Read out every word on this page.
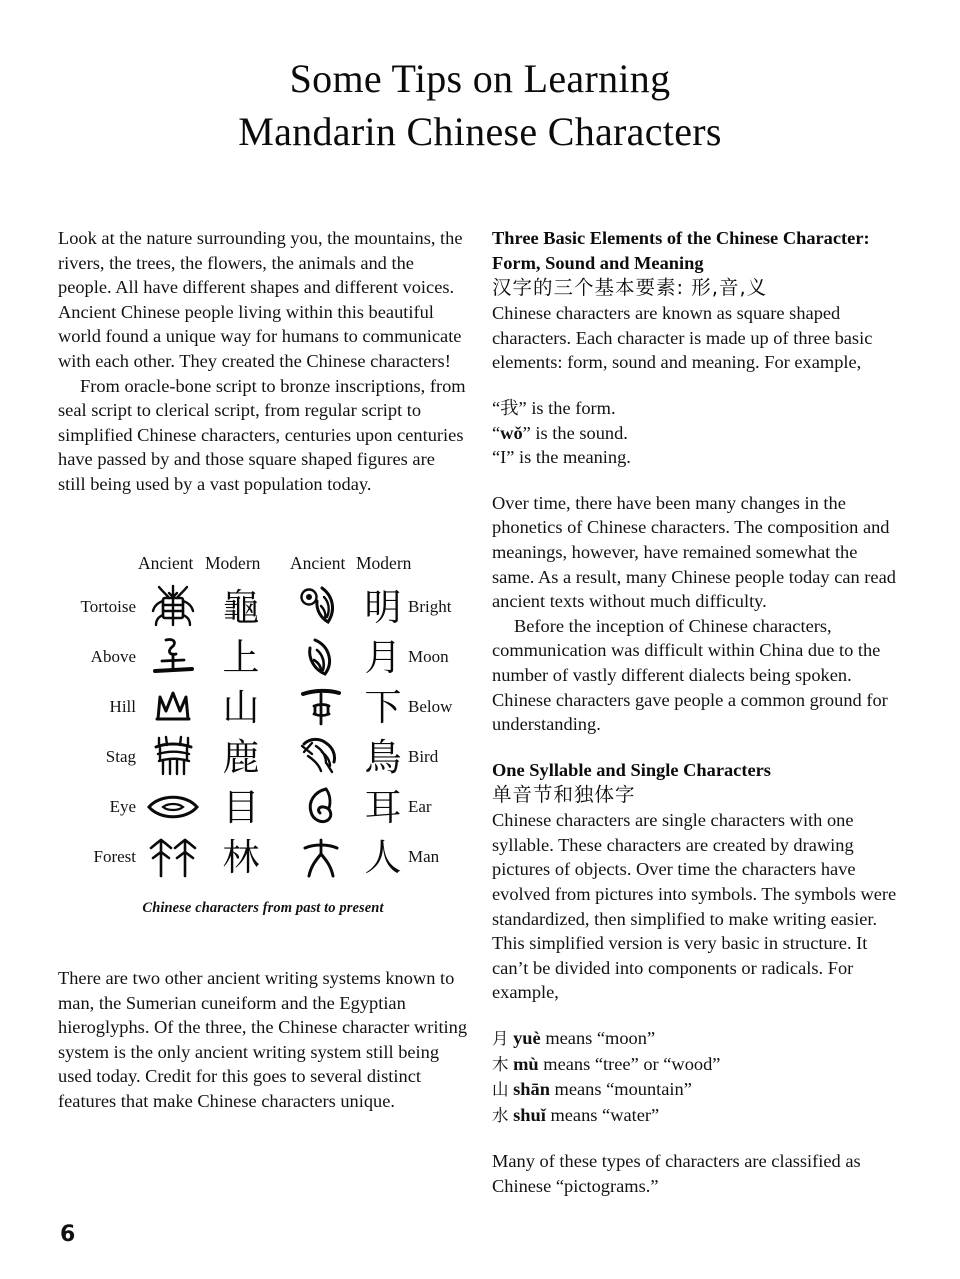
Some Tips on Learning
Mandarin Chinese Characters

Look at the nature surrounding you, the mountains, the rivers, the trees, the flowers, the animals and the people. All have different shapes and different voices. Ancient Chinese people living within this beautiful world found a unique way for humans to communicate with each other. They created the Chinese characters!

From oracle-bone script to bronze inscriptions, from seal script to clerical script, from regular script to simplified Chinese characters, centuries upon centuries have passed by and those square shaped figures are still being used by a vast population today.

Ancient Modern Ancient Modern
Tortoise 龜	明 Bright
Above 上	月 Moon
Hill 山	下 Below
Stag 鹿	鳥 Bird
Eye 目	耳 Ear
Forest 林	人 Man
Chinese characters from past to present

There are two other ancient writing systems known to man, the Sumerian cuneiform and the Egyptian hieroglyphs. Of the three, the Chinese character writing system is the only ancient writing system still being used today. Credit for this goes to several distinct features that make Chinese characters unique.

Three Basic Elements of the Chinese Character:
Form, Sound and Meaning
汉字的三个基本要素: 形,音,义

Chinese characters are known as square shaped characters. Each character is made up of three basic elements: form, sound and meaning. For example,

“我” is the form.
“wǒ” is the sound.
“I” is the meaning.

Over time, there have been many changes in the phonetics of Chinese characters. The composition and meanings, however, have remained somewhat the same. As a result, many Chinese people today can read ancient texts without much difficulty.

Before the inception of Chinese characters, communication was difficult within China due to the number of vastly different dialects being spoken. Chinese characters gave people a common ground for understanding.

One Syllable and Single Characters
单音节和独体字

Chinese characters are single characters with one syllable. These characters are created by drawing pictures of objects. Over time the characters have evolved from pictures into symbols. The symbols were standardized, then simplified to make writing easier. This simplified version is very basic in structure. It can’t be divided into components or radicals. For example,

月 yuè means “moon”
木 mù means “tree” or “wood”
山 shān means “mountain”
水 shuǐ means “water”

Many of these types of characters are classified as Chinese “pictograms.”

6
